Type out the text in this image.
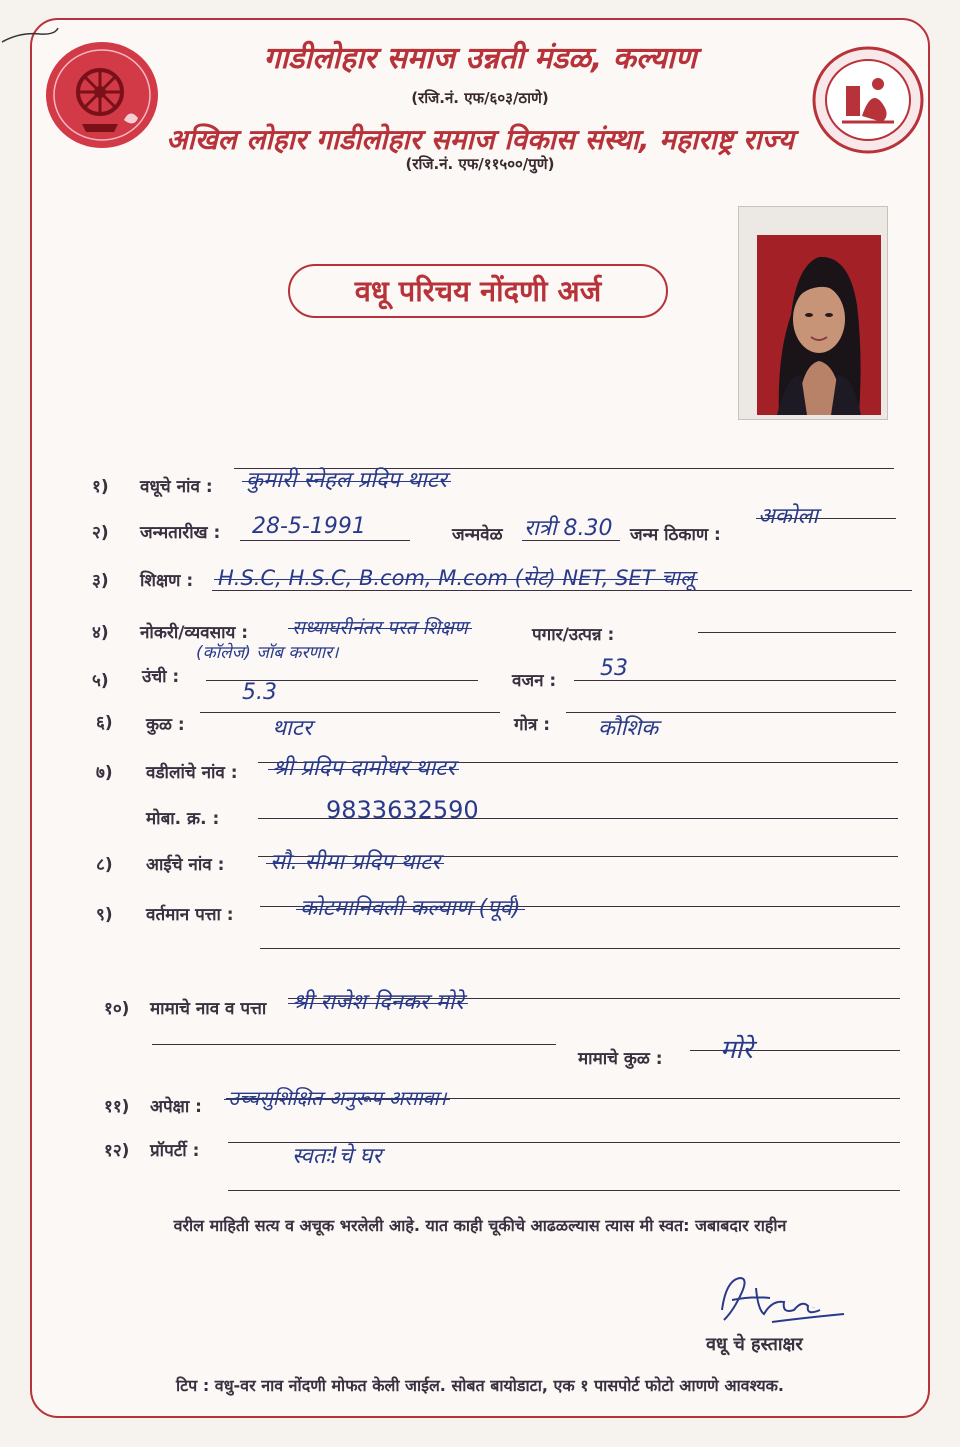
गाडीलोहार समाज उन्नती मंडळ, कल्याण
(रजि.नं. एफ/६०३/ठाणे)
अखिल लोहार गाडीलोहार समाज विकास संस्था, महाराष्ट्र राज्य
(रजि.नं. एफ/११५००/पुणे)
वधू परिचय नोंदणी अर्ज
१) वधूचे नांव : कुमारी स्नेहल प्रदिप थाटर
२) जन्मतारीख : 28-5-1991	जन्मवेळ रात्री 8.30 जन्म ठिकाण :
अकोला
३) शिक्षण : H.S.C, H.S.C, B.com, M.com (सेट) NET, SET चालू
४) नोकरी/व्यवसाय : सध्याघरीनंतर परत शिक्षण
(कॉलेज) जॉब करणार।
पगार/उत्पन्न :
५) उंची :
5.3	वजन : 53
६) कुळ :	थाटर	गोत्र : कौशिक
७) वडीलांचे नांव : श्री प्रदिप दामोधर थाटर
मोबा. क्र. :	9833632590
८) आईचे नांव : सौ. सीमा प्रदिप थाटर
९) वर्तमान पत्ता :	कोटमानिवली कल्याण (पूर्व)
१०) मामाचे नाव व पत्ता श्री राजेश दिनकर मोरे
मामाचे कुळ : मोरे
११) अपेक्षा : उच्चसुशिक्षित अनुरूप असावा।
१२) प्रॉपर्टी :	स्वतः!चे घर
वरील माहिती सत्य व अचूक भरलेली आहे. यात काही चूकीचे आढळल्यास त्यास मी स्वत: जबाबदार राहीन
Thatar
वधू चे हस्ताक्षर
टिप : वधु-वर नाव नोंदणी मोफत केली जाईल. सोबत बायोडाटा, एक १ पासपोर्ट फोटो आणणे आवश्यक.
